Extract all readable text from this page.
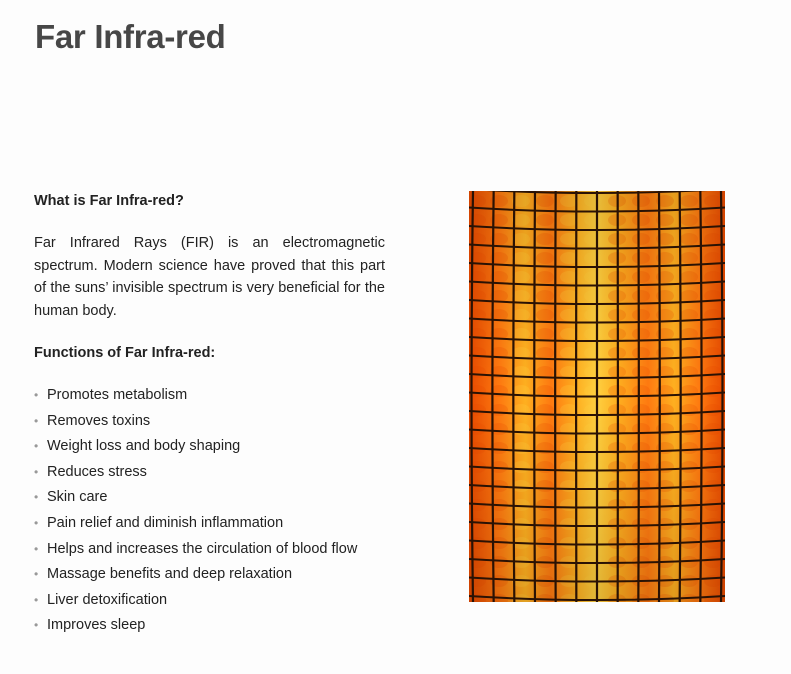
Far Infra-red

What is Far Infra-red?

Far Infrared Rays (FIR) is an electromagnetic spectrum. Modern science have proved that this part of the suns’ invisible spectrum is very beneficial for the human body.

Functions of Far Infra-red:

• Promotes metabolism
• Removes toxins
• Weight loss and body shaping
• Reduces stress
• Skin care
• Pain relief and diminish inflammation
• Helps and increases the circulation of blood flow
• Massage benefits and deep relaxation
• Liver detoxification
• Improves sleep
